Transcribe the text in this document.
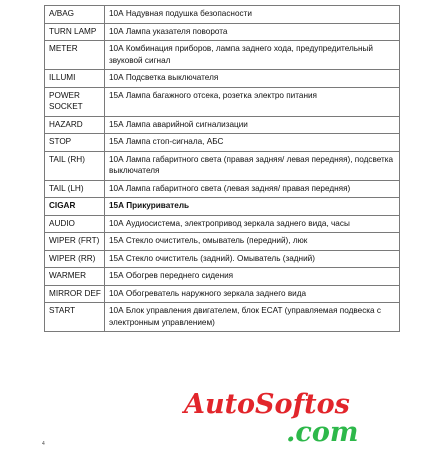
A/BAG	10А Надувная подушка безопасности
TURN LAMP	10А Лампа указателя поворота
METER	10А Комбинация приборов, лампа заднего хода, предупредительный звуковой сигнал
ILLUMI	10А Подсветка выключателя
POWER SOCKET	15А Лампа багажного отсека, розетка электро питания
HAZARD	15А Лампа аварийной сигнализации
STOP	15А Лампа стоп-сигнала, АБС
TAIL (RH)	10А Лампа габаритного света (правая задняя/ левая передняя), подсветка выключателя
TAIL (LH)	10А Лампа габаритного света (левая задняя/ правая передняя)
CIGAR	15А Прикуриватель
AUDIO	10А Аудиосистема, электропривод зеркала заднего вида, часы
WIPER (FRT)	15А Стекло очиститель, омыватель (передний), люк
WIPER (RR)	15А Стекло очиститель (задний). Омыватель (задний)
WARMER	15А Обогрев переднего сидения
MIRROR DEF	10А Обогреватель наружного зеркала заднего вида
START	10А Блок управления двигателем, блок ECAT (управляемая подвеска с электронным управлением)
4
AutoSoftos
.com
